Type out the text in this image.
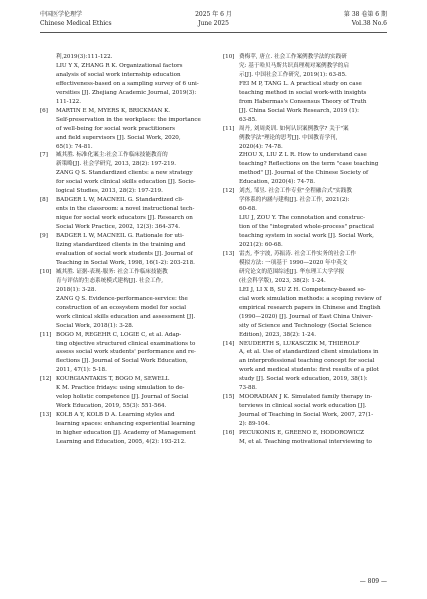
中国医学伦理学
Chinese Medical Ethics
2025 年 6 月
June 2025
第 38 卷第 6 期
Vol.38 No.6
利,2019(3):111-122.
LIU Y X, ZHANG R K. Organizational factors
analysis of social work internship education
effectiveness-based on a sampling survey of 6 uni-
versities [J]. Zhejiang Academic Journal, 2019(3):
111-122.
[6] MARTIN E M, MYERS K, BRICKMAN K.
Self-preservation in the workplace: the importance
of well-being for social work practitioners
and field supervisors [J]. Social Work, 2020,
65(1): 74-81.
[7] 臧其胜. 标准化案主:社会工作临床技能教育的
新策略[J]. 社会学研究, 2013, 28(2): 197-219.
ZANG Q S. Standardized clients: a new strategy
for social work clinical skills education [J]. Socio-
logical Studies, 2013, 28(2): 197-219.
[8] BADGER L W, MACNEIL G. Standardized cli-
ents in the classroom: a novel instructional tech-
nique for social work educators [J]. Research on
Social Work Practice, 2002, 12(3): 364-374.
[9] BADGER L W, MACNEIL G. Rationale for uti-
lizing standardized clients in the training and
evaluation of social work students [J]. Journal of
Teaching in Social Work, 1998, 16(1-2): 203-218.
[10] 臧其胜. 证据-表现-服务: 社会工作临床技能教
育与评估的生态系统模式建构[J]. 社会工作,
2018(1): 3-28.
ZANG Q S. Evidence-performance-service: the
construction of an ecosystem model for social
work clinical skills education and assessment [J].
Social Work, 2018(1): 3-28.
[11] BOGO M, REGEHR C, LOGIE C, et al. Adap-
ting objective structured clinical examinations to
assess social work students' performance and re-
flections [J]. Journal of Social Work Education,
2011, 47(1): 5-18.
[12] KOURGIANTAKIS T, BOGO M, SEWELL
K M. Practice fridays: using simulation to de-
velop holistic competence [J]. Journal of Social
Work Education, 2019, 55(3): 551-564.
[13] KOLB A Y, KOLB D A. Learning styles and
learning spaces: enhancing experiential learning
in higher education [J]. Academy of Management
Learning and Education, 2005, 4(2): 193-212.
[10] 费梅苹, 唐立. 社会工作案例教学法的实践研
究: 基于哈贝马斯共识真理观对案例教学的启
示[J]. 中国社会工作研究, 2019(1): 63-85.
FEI M P, TANG L. A practical study on case
teaching method in social work-with insights
from Habermas's Consensus Theory of Truth
[J]. China Social Work Research, 2019 (1):
63-85.
[11] 周丹, 刘周炎训. 如何认识案例教学? 关于"案
例教学法"理论的思考[J]. 中国教育学刊,
2020(4): 74-78.
ZHOU X, LIU Z L R. How to understand case
teaching? Reflections on the term "case teaching
method" [J]. Journal of the Chinese Society of
Education, 2020(4): 74-78.
[12] 刘杰, 邹昱. 社会工作专业"全程融合式"实践教
学体系的内涵与建构[J]. 社会工作, 2021(2):
60-68.
LIU J, ZOU Y. The connotation and construc-
tion of the "integrated whole-process" practical
teaching system in social work [J]. Social Work,
2021(2): 60-68.
[13] 雷杰, 李宇波, 苏振涛. 社会工作实务的社会工作
模拟方法: 一项基于 1990—2020 年中英文
研究论文的范围综述[J]. 华东理工大学学报
(社会科学版), 2023, 38(2): 1-24.
LEI J, LI X B, SU Z H. Competency-based so-
cial work simulation methods: a scoping review of
empirical research papers in Chinese and English
(1990—2020) [J]. Journal of East China Univer-
sity of Science and Technology (Social Science
Edition), 2023, 38(2): 1-24.
[14] NEUDERTH S, LUKASCZIK M, THIEROLF
A, et al. Use of standardized client simulations in
an interprofessional teaching concept for social
work and medical students: first results of a pilot
study [J]. Social work education, 2019, 38(1):
73-88.
[15] MOORADIAN J K. Simulated family therapy in-
terviews in clinical social work education [J].
Journal of Teaching in Social Work, 2007, 27(1-
2): 89-104.
[16] PECUKONIS E, GREENO E, HODOROWICZ
M, et al. Teaching motivational interviewing to
— 809 —
